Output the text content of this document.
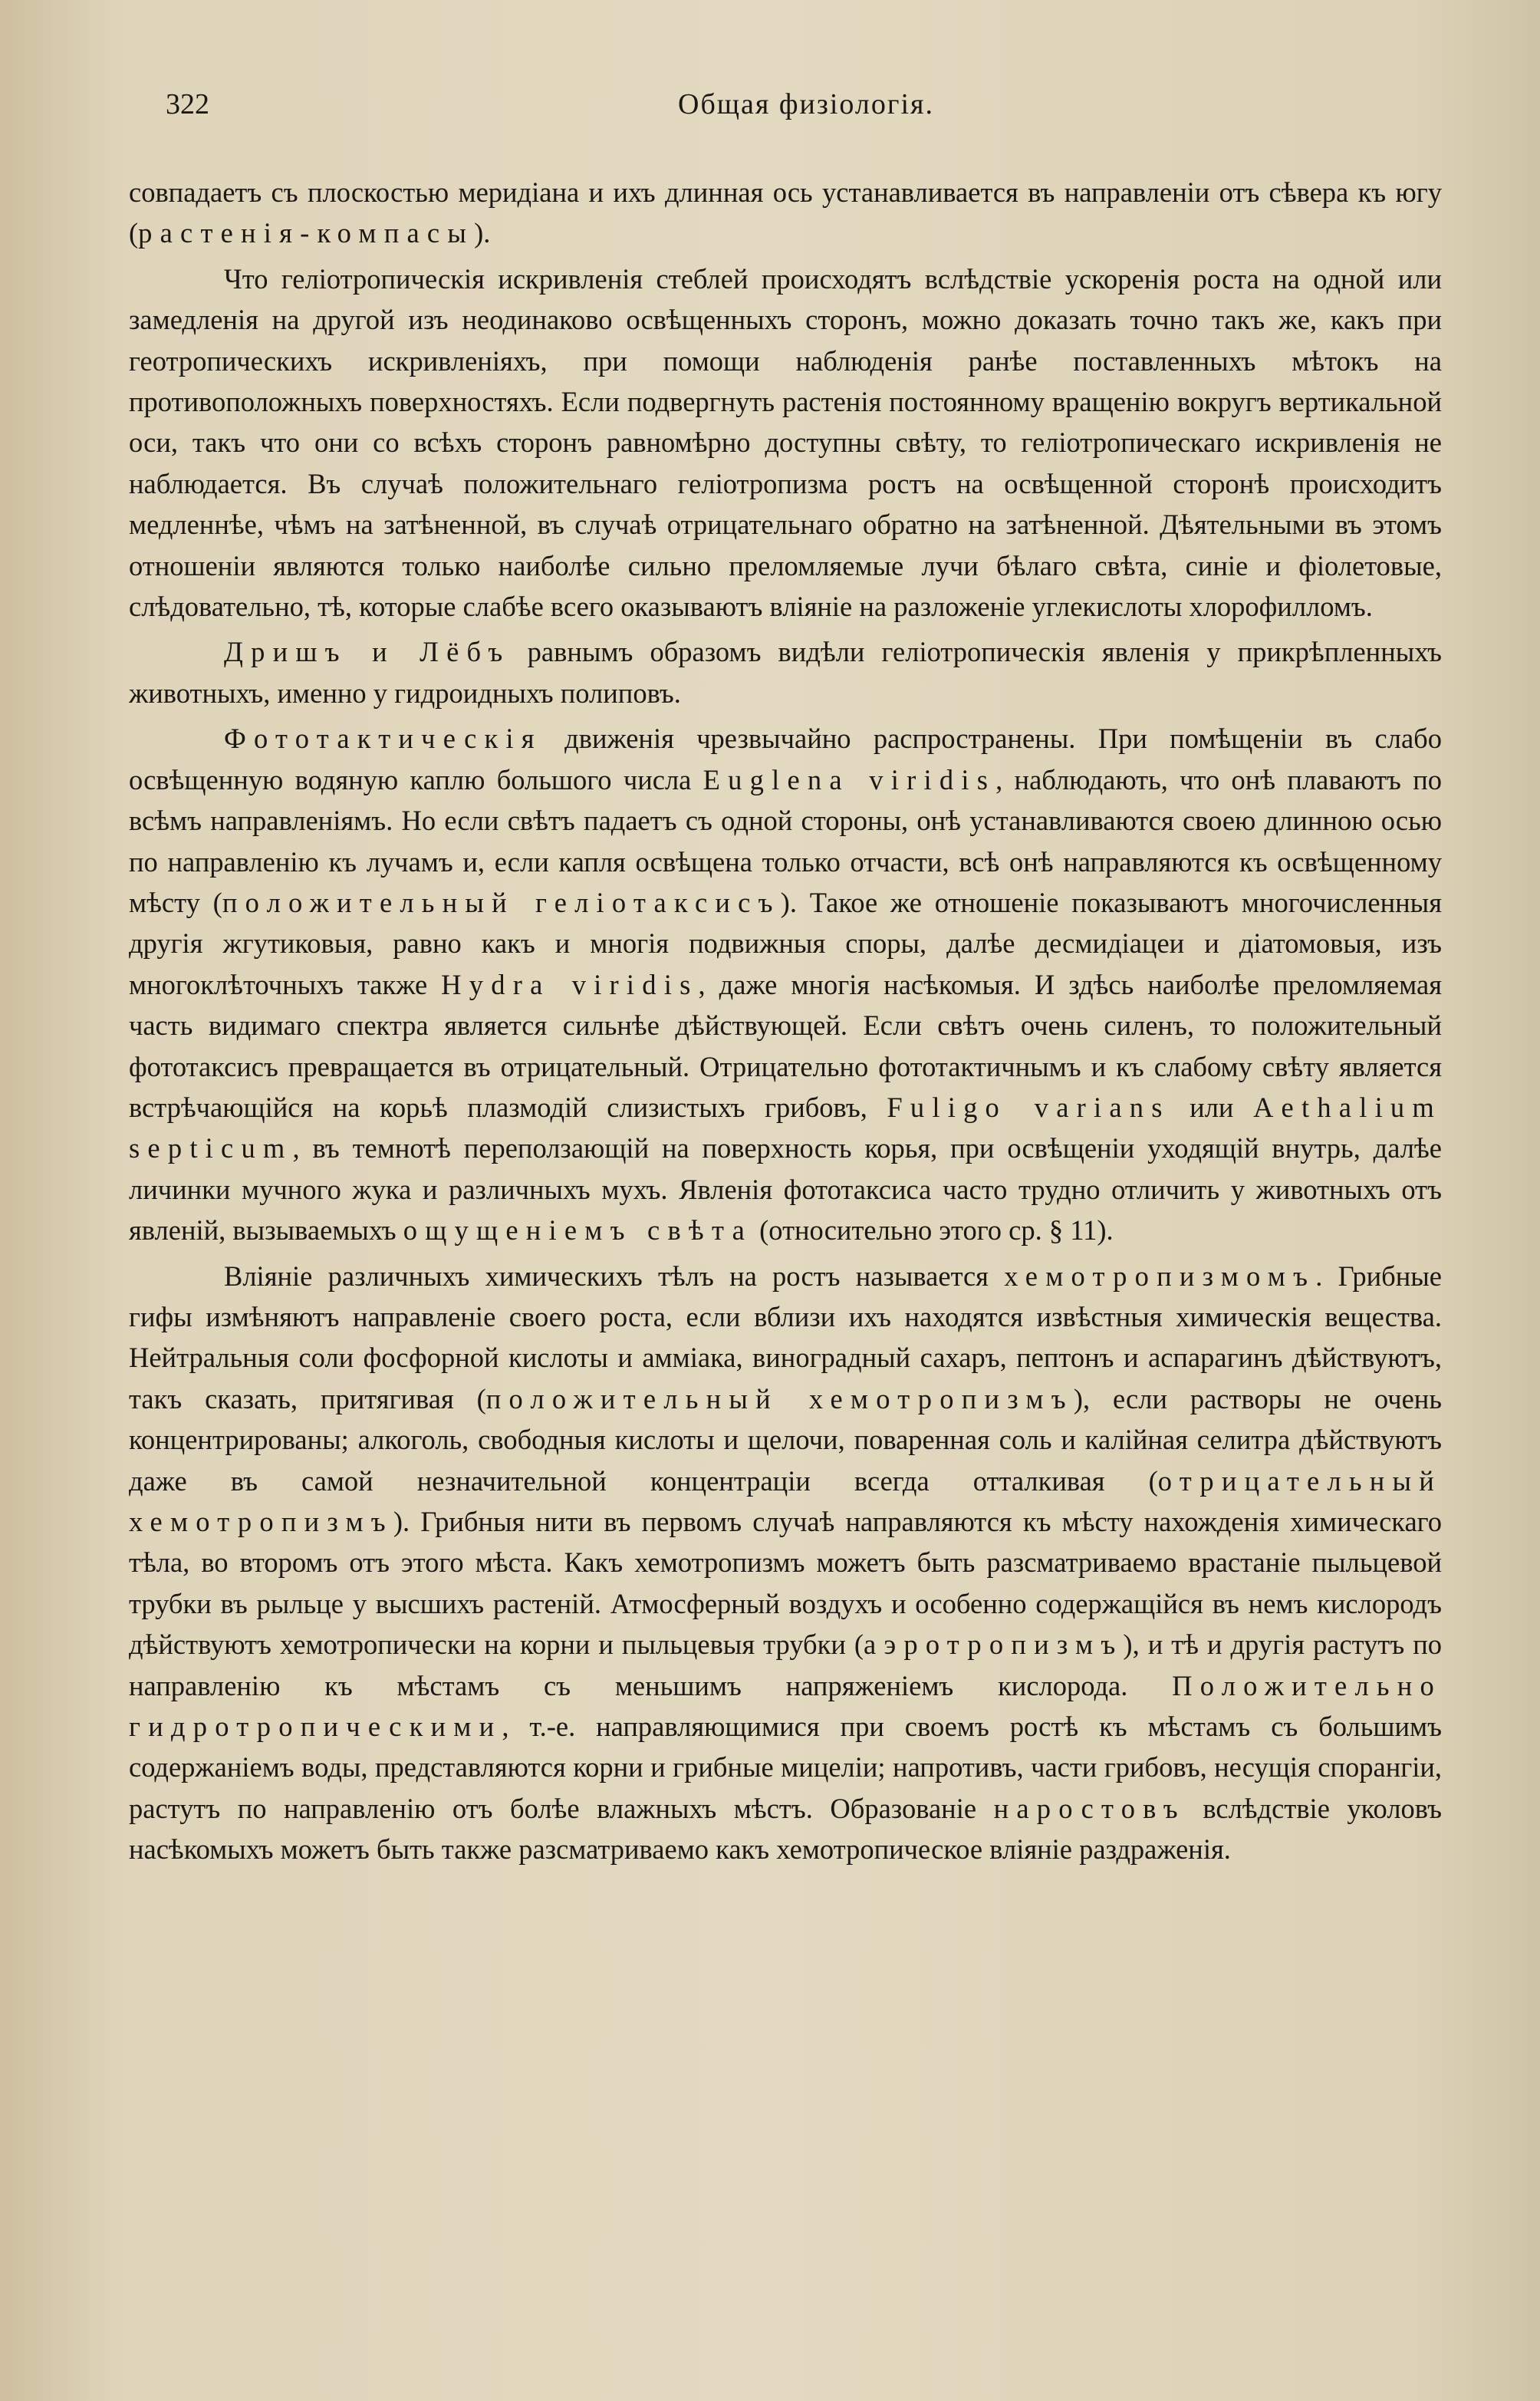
322	Общая физiологiя.

совпадаетъ съ плоскостью меридiана и ихъ длинная ось устанавливается въ направленiи отъ сѣвера къ югу (растенiя-компасы).

Что геліотропическія искривленія стеблей происходятъ вслѣдствіе ускоренія роста на одной или замедленія на другой изъ неодинаково освѣщенныхъ сторонъ, можно доказать точно такъ же, какъ при геотропическихъ искривленіяхъ, при помощи наблюденія ранѣе поставленныхъ мѣтокъ на противоположныхъ поверхностяхъ. Если подвергнуть растенія постоянному вращенію вокругъ вертикальной оси, такъ что они со всѣхъ сторонъ равномѣрно доступны свѣту, то геліотропическаго искривленія не наблюдается. Въ случаѣ положительнаго геліотропизма ростъ на освѣщенной сторонѣ происходитъ медленнѣе, чѣмъ на затѣненной, въ случаѣ отрицательнаго обратно на затѣненной. Дѣятельными въ этомъ отношеніи являются только наиболѣе сильно преломляемые лучи бѣлаго свѣта, синіе и фіолетовые, слѣдовательно, тѣ, которые слабѣе всего оказываютъ вліяніе на разложеніе углекислоты хлорофилломъ.

Дришъ и Лёбъ равнымъ образомъ видѣли геліотропическія явленія у прикрѣпленныхъ животныхъ, именно у гидроидныхъ полиповъ.

Фототактическія движенія чрезвычайно распространены. При помѣщеніи въ слабо освѣщенную водяную каплю большого числа Euglena viridis, наблюдають, что онѣ плаваютъ по всѣмъ направленіямъ. Но если свѣтъ падаетъ съ одной стороны, онѣ устанавливаются своею длинною осью по направленію къ лучамъ и, если капля освѣщена только отчасти, всѣ онѣ направляются къ освѣщенному мѣсту (положительный гелiотаксисъ). Такое же отношеніе показываютъ многочисленныя другія жгутиковыя, равно какъ и многія подвижныя споры, далѣе десмидіацеи и діатомовыя, изъ многоклѣточныхъ также Hydra viridis, даже многія насѣкомыя. И здѣсь наиболѣе преломляемая часть видимаго спектра является сильнѣе дѣйствующей. Если свѣтъ очень силенъ, то положительный фототаксисъ превращается въ отрицательный. Отрицательно фототактичнымъ и къ слабому свѣту является встрѣчающійся на корьѣ плазмодій слизистыхъ грибовъ, Fuligo varians или Aethalium septicum, въ темнотѣ переползающій на поверхность корья, при освѣщеніи уходящій внутрь, далѣе личинки мучного жука и различныхъ мухъ. Явленія фототаксиса часто трудно отличить у животныхъ отъ явленій, вызываемыхъ ощущеніемъ свѣта (относительно этого ср. § 11).

Вліяніе различныхъ химическихъ тѣлъ на ростъ называется хемотропизмомъ. Грибные гифы измѣняютъ направленіе своего роста, если вблизи ихъ находятся извѣстныя химическія вещества. Нейтральныя соли фосфорной кислоты и амміака, виноградный сахаръ, пептонъ и аспарагинъ дѣйствуютъ, такъ сказать, притягивая (положительный хемотропизмъ), если растворы не очень концентрированы; алкоголь, свободныя кислоты и щелочи, поваренная соль и калійная селитра дѣйствуютъ даже въ самой незначительной концентраціи всегда отталкивая (отрицательный хемотропизмъ). Грибныя нити въ первомъ случаѣ направляются къ мѣсту нахожденія химическаго тѣла, во второмъ отъ этого мѣста. Какъ хемотропизмъ можетъ быть разсматриваемо врастаніе пыльцевой трубки въ рыльце у высшихъ растеній. Атмосферный воздухъ и особенно содержащійся въ немъ кислородъ дѣйствуютъ хемотропически на корни и пыльцевыя трубки (аэротропизмъ), и тѣ и другія растутъ по направленію къ мѣстамъ съ меньшимъ напряженіемъ кислорода. Положительно гидротропическими, т.-е. направляющимися при своемъ ростѣ къ мѣстамъ съ большимъ содержаніемъ воды, представляются корни и грибные мицеліи; напротивъ, части грибовъ, несущія спорангіи, растутъ по направленію отъ болѣе влажныхъ мѣстъ. Образованіе наростовъ вслѣдствіе уколовъ насѣкомыхъ можетъ быть также разсматриваемо какъ хемотропическое вліяніе раздраженія.
